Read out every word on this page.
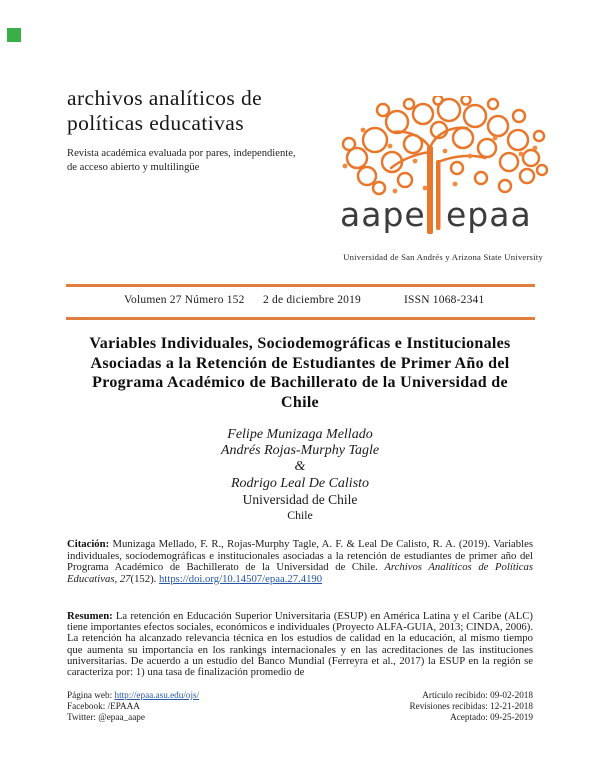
archivos analíticos de
políticas educativas
Revista académica evaluada por pares, independiente,
de acceso abierto y multilingüe
aape epaa
Universidad de San Andrés y Arizona State University
Volumen 27 Número 152 2 de diciembre 2019	ISSN 1068-2341
Variables Individuales, Sociodemográficas e Institucionales
Asociadas a la Retención de Estudiantes de Primer Año del
Programa Académico de Bachillerato de la Universidad de
Chile
Felipe Munizaga Mellado
Andrés Rojas-Murphy Tagle
&
Rodrigo Leal De Calisto
Universidad de Chile
Chile
Citación: Munizaga Mellado, F. R., Rojas-Murphy Tagle, A. F. & Leal De Calisto, R. A. (2019). Variables individuales, sociodemográficas e institucionales asociadas a la retención de estudiantes de primer año del Programa Académico de Bachillerato de la Universidad de Chile. Archivos Analíticos de Políticas Educativas, 27(152). https://doi.org/10.14507/epaa.27.4190
Resumen: La retención en Educación Superior Universitaria (ESUP) en América Latina y el Caribe (ALC) tiene importantes efectos sociales, económicos e individuales (Proyecto ALFA-GUIA, 2013; CINDA, 2006). La retención ha alcanzado relevancia técnica en los estudios de calidad en la educación, al mismo tiempo que aumenta su importancia en los rankings internacionales y en las acreditaciones de las instituciones universitarias. De acuerdo a un estudio del Banco Mundial (Ferreyra et al., 2017) la ESUP en la región se caracteriza por: 1) una tasa de finalización promedio de
Página web: http://epaa.asu.edu/ojs/
Facebook: /EPAAA
Twitter: @epaa_aape
Artículo recibido: 09-02-2018
Revisiones recibidas: 12-21-2018
Aceptado: 09-25-2019
